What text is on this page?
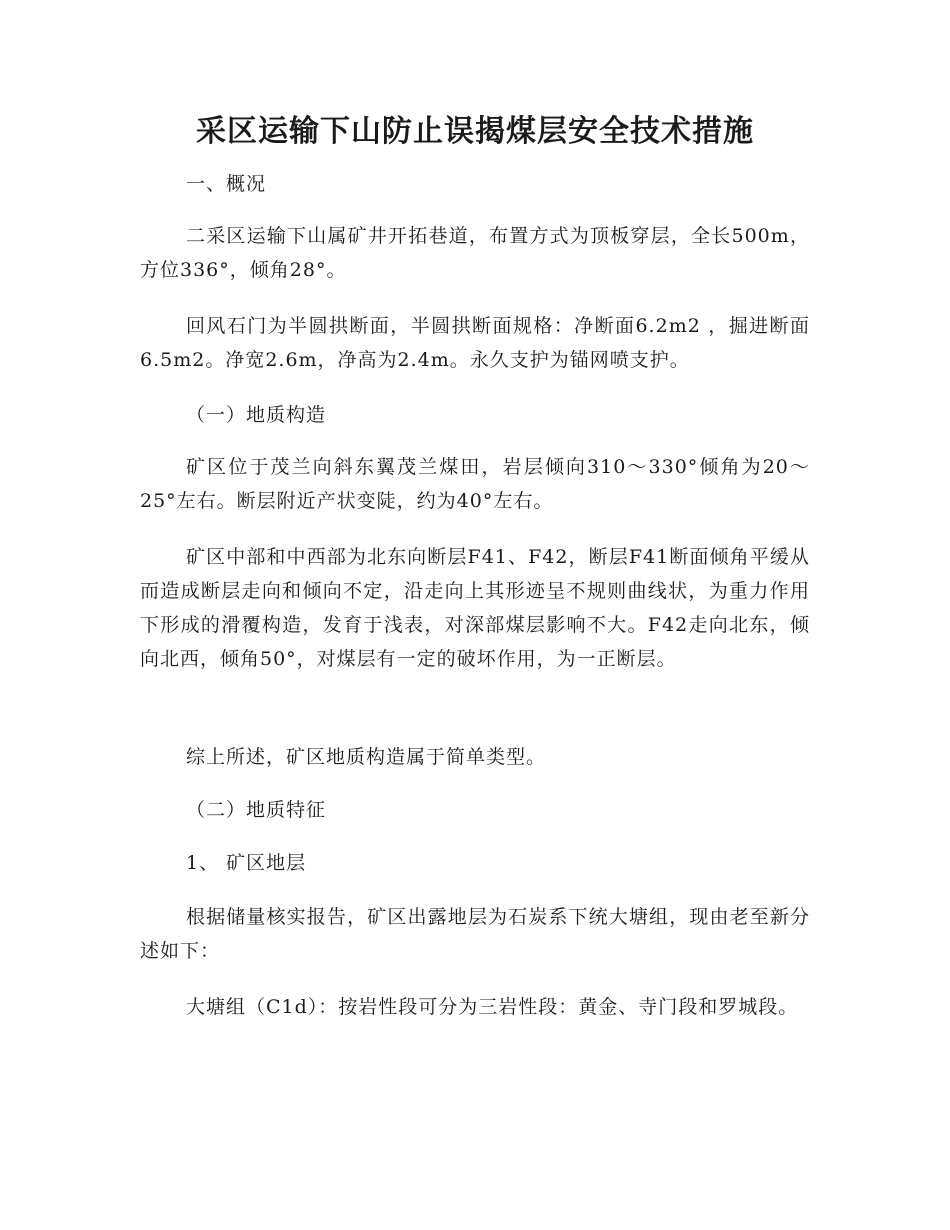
采区运输下山防止误揭煤层安全技术措施

一、概况

二采区运输下山属矿井开拓巷道，布置方式为顶板穿层，全长500m，方位336°，倾角28°。

回风石门为半圆拱断面，半圆拱断面规格：净断面6.2m2 ，掘进断面6.5m2。净宽2.6m，净高为2.4m。永久支护为锚网喷支护。

（一）地质构造

矿区位于茂兰向斜东翼茂兰煤田，岩层倾向310～330°倾角为20～25°左右。断层附近产状变陡，约为40°左右。

矿区中部和中西部为北东向断层F41、F42，断层F41断面倾角平缓从而造成断层走向和倾向不定，沿走向上其形迹呈不规则曲线状，为重力作用下形成的滑覆构造，发育于浅表，对深部煤层影响不大。F42走向北东，倾向北西，倾角50°，对煤层有一定的破坏作用，为一正断层。

综上所述，矿区地质构造属于简单类型。

（二）地质特征

1、 矿区地层

根据储量核实报告，矿区出露地层为石炭系下统大塘组，现由老至新分述如下：

大塘组（C1d）：按岩性段可分为三岩性段：黄金、寺门段和罗城段。
